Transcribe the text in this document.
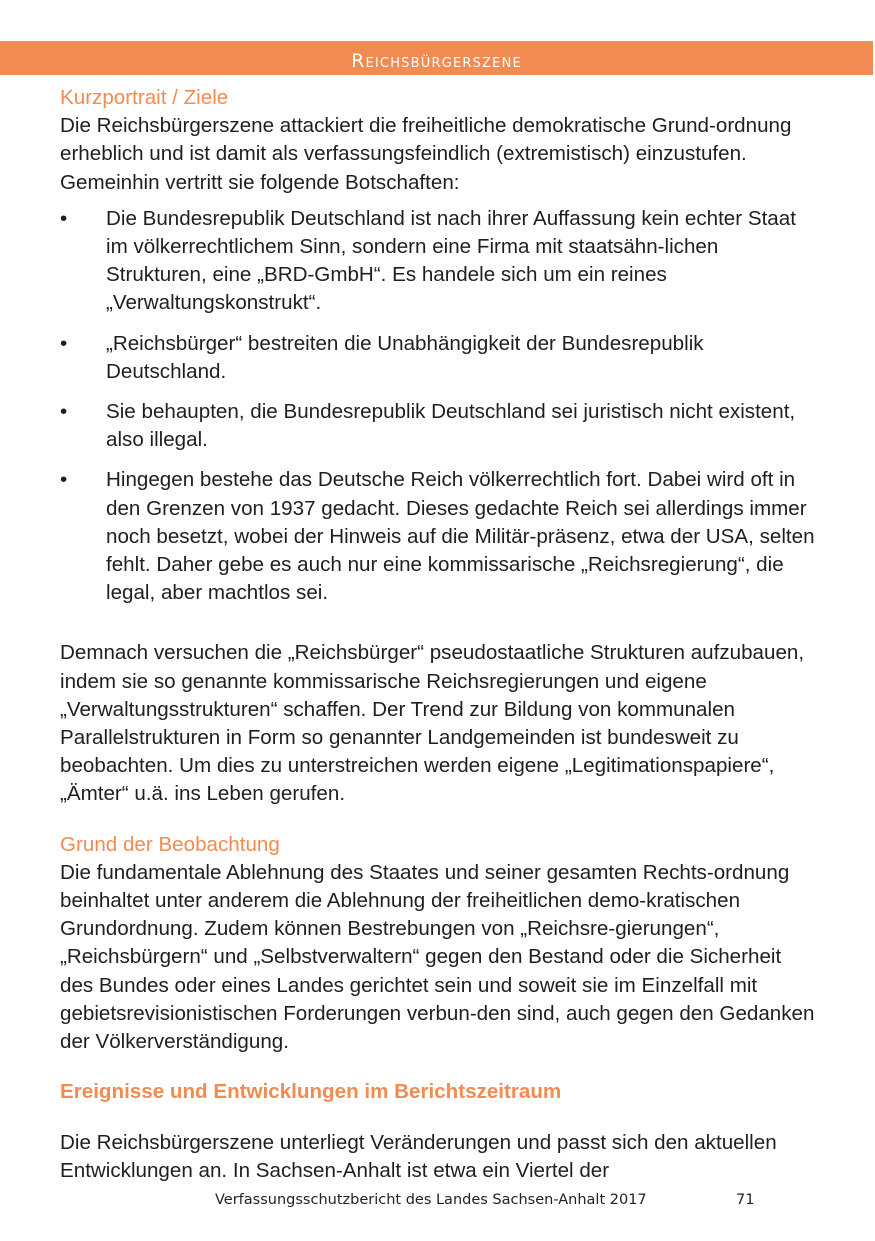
Reichsbürgerszene
Kurzportrait / Ziele

Die Reichsbürgerszene attackiert die freiheitliche demokratische Grund-ordnung erheblich und ist damit als verfassungsfeindlich (extremistisch) einzustufen. Gemeinhin vertritt sie folgende Botschaften:

• Die Bundesrepublik Deutschland ist nach ihrer Auffassung kein echter Staat im völkerrechtlichem Sinn, sondern eine Firma mit staatsähn-lichen Strukturen, eine „BRD-GmbH“. Es handele sich um ein reines „Verwaltungskonstrukt“.
• „Reichsbürger“ bestreiten die Unabhängigkeit der Bundesrepublik Deutschland.
• Sie behaupten, die Bundesrepublik Deutschland sei juristisch nicht existent, also illegal.
• Hingegen bestehe das Deutsche Reich völkerrechtlich fort. Dabei wird oft in den Grenzen von 1937 gedacht. Dieses gedachte Reich sei allerdings immer noch besetzt, wobei der Hinweis auf die Militär-präsenz, etwa der USA, selten fehlt. Daher gebe es auch nur eine kommissarische „Reichsregierung“, die legal, aber machtlos sei.

Demnach versuchen die „Reichsbürger“ pseudostaatliche Strukturen aufzubauen, indem sie so genannte kommissarische Reichsregierungen und eigene „Verwaltungsstrukturen“ schaffen. Der Trend zur Bildung von kommunalen Parallelstrukturen in Form so genannter Landgemeinden ist bundesweit zu beobachten. Um dies zu unterstreichen werden eigene „Legitimationspapiere“, „Ämter“ u.ä. ins Leben gerufen.

Grund der Beobachtung

Die fundamentale Ablehnung des Staates und seiner gesamten Rechts-ordnung beinhaltet unter anderem die Ablehnung der freiheitlichen demo-kratischen Grundordnung. Zudem können Bestrebungen von „Reichsre-gierungen“, „Reichsbürgern“ und „Selbstverwaltern“ gegen den Bestand oder die Sicherheit des Bundes oder eines Landes gerichtet sein und soweit sie im Einzelfall mit gebietsrevisionistischen Forderungen verbun-den sind, auch gegen den Gedanken der Völkerverständigung.

Ereignisse und Entwicklungen im Berichtszeitraum

Die Reichsbürgerszene unterliegt Veränderungen und passt sich den aktuellen Entwicklungen an. In Sachsen-Anhalt ist etwa ein Viertel der

Verfassungsschutzbericht des Landes Sachsen-Anhalt 2017	71
